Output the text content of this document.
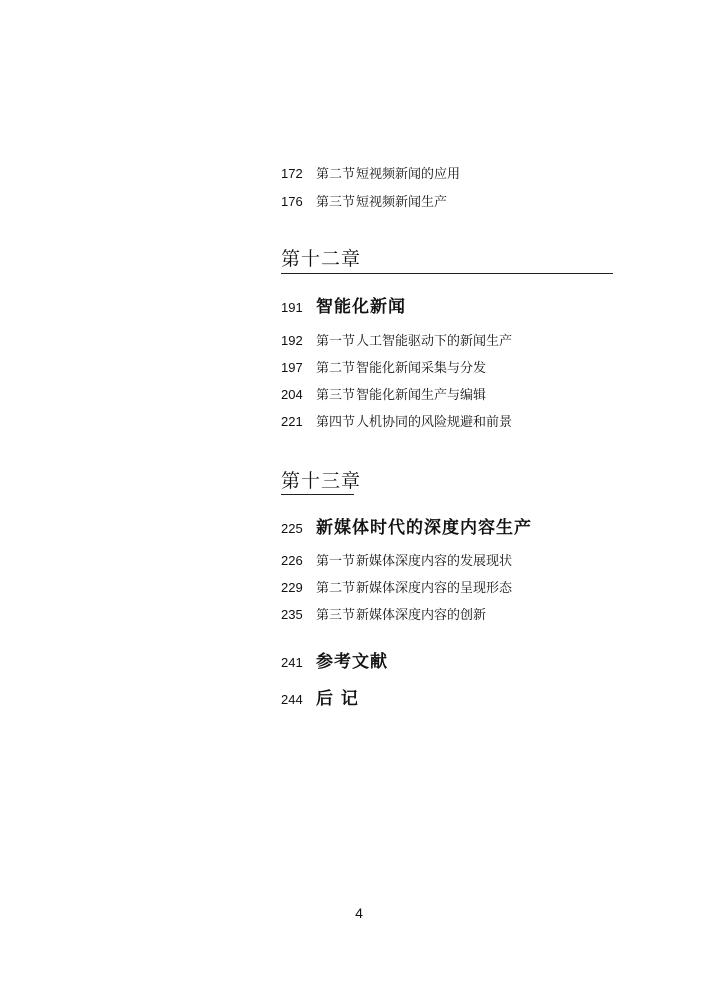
172	第二节 短视频新闻的应用
176	第三节 短视频新闻生产
第十二章
191 智能化新闻
192	第一节 人工智能驱动下的新闻生产
197	第二节 智能化新闻采集与分发
204	第三节 智能化新闻生产与编辑
221	第四节 人机协同的风险规避和前景
第十三章
225 新媒体时代的深度内容生产
226	第一节 新媒体深度内容的发展现状
229	第二节 新媒体深度内容的呈现形态
235	第三节 新媒体深度内容的创新
241 参考文献
244 后 记
4
